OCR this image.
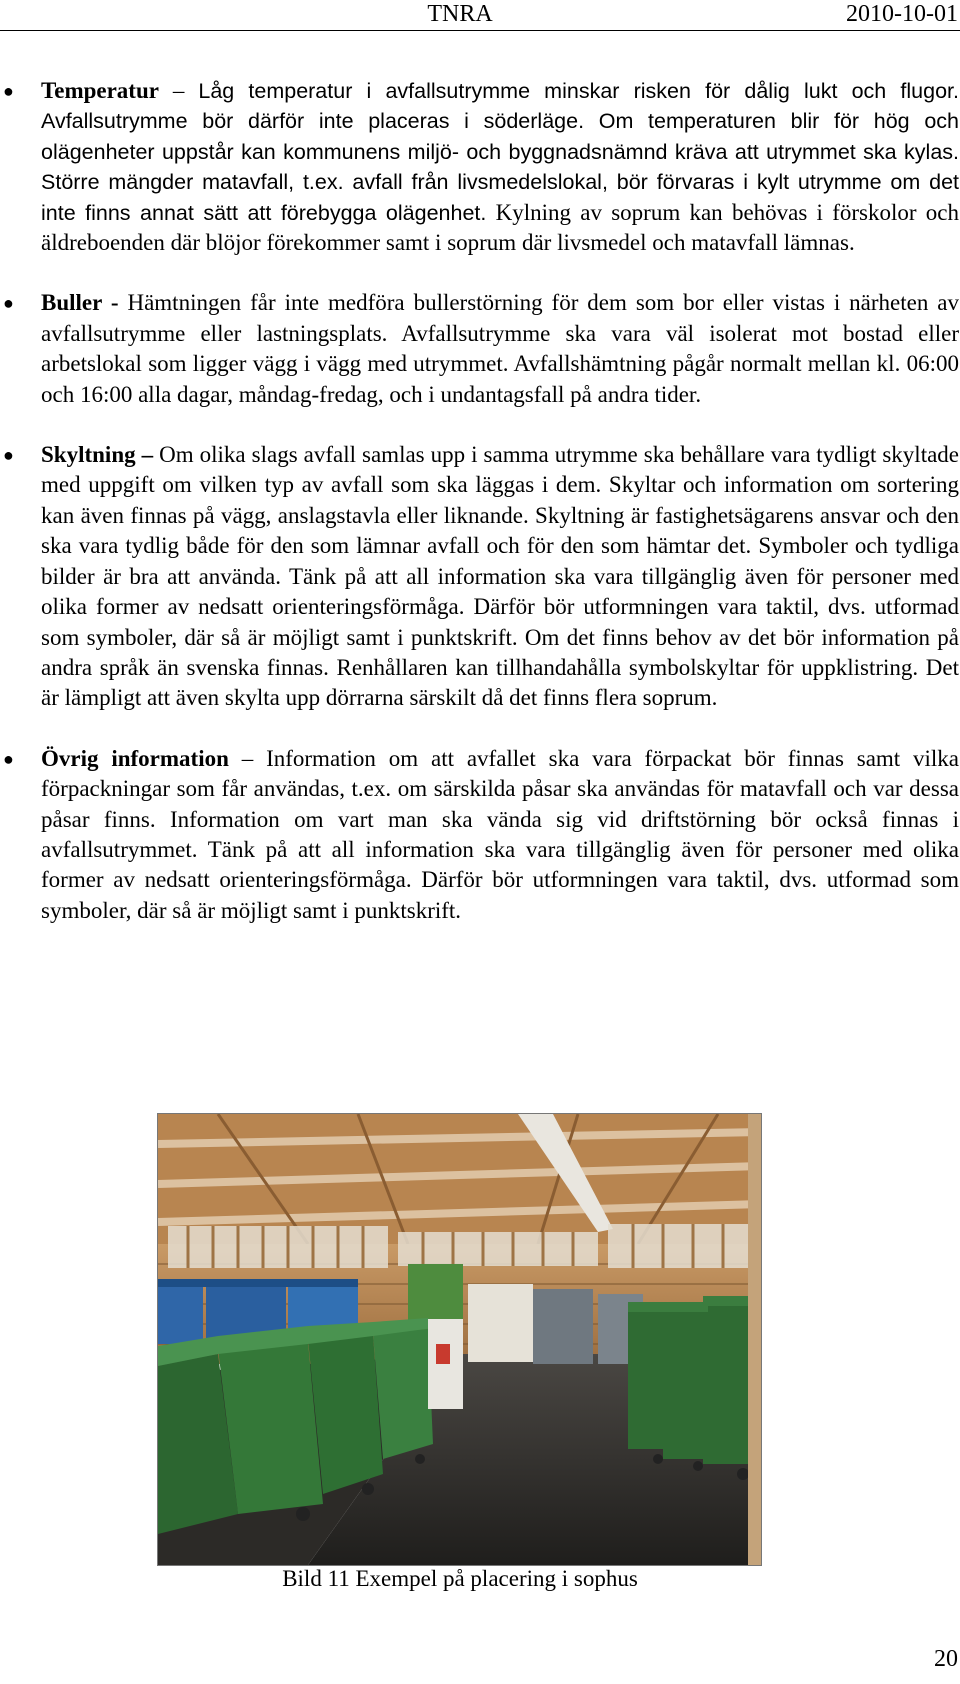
TNRA	2010-10-01
● Temperatur – Låg temperatur i avfallsutrymme minskar risken för dålig lukt och flugor. Avfallsutrymme bör därför inte placeras i söderläge. Om temperaturen blir för hög och olägenheter uppstår kan kommunens miljö- och byggnadsnämnd kräva att utrymmet ska kylas. Större mängder matavfall, t.ex. avfall från livsmedelslokal, bör förvaras i kylt utrymme om det inte finns annat sätt att förebygga olägenhet. Kylning av soprum kan behövas i förskolor och äldreboenden där blöjor förekommer samt i soprum där livsmedel och matavfall lämnas.
● Buller - Hämtningen får inte medföra bullerstörning för dem som bor eller vistas i närheten av avfallsutrymme eller lastningsplats. Avfallsutrymme ska vara väl isolerat mot bostad eller arbetslokal som ligger vägg i vägg med utrymmet. Avfallshämtning pågår normalt mellan kl. 06:00 och 16:00 alla dagar, måndag-fredag, och i undantagsfall på andra tider.
● Skyltning – Om olika slags avfall samlas upp i samma utrymme ska behållare vara tydligt skyltade med uppgift om vilken typ av avfall som ska läggas i dem. Skyltar och information om sortering kan även finnas på vägg, anslagstavla eller liknande. Skyltning är fastighetsägarens ansvar och den ska vara tydlig både för den som lämnar avfall och för den som hämtar det. Symboler och tydliga bilder är bra att använda. Tänk på att all information ska vara tillgänglig även för personer med olika former av nedsatt orienteringsförmåga. Därför bör utformningen vara taktil, dvs. utformad som symboler, där så är möjligt samt i punktskrift. Om det finns behov av det bör information på andra språk än svenska finnas. Renhållaren kan tillhandahålla symbolskyltar för uppklistring. Det är lämpligt att även skylta upp dörrarna särskilt då det finns flera soprum.
● Övrig information – Information om att avfallet ska vara förpackat bör finnas samt vilka förpackningar som får användas, t.ex. om särskilda påsar ska användas för matavfall och var dessa påsar finns. Information om vart man ska vända sig vid driftstörning bör också finnas i avfallsutrymmet. Tänk på att all information ska vara tillgänglig även för personer med olika former av nedsatt orienteringsförmåga. Därför bör utformningen vara taktil, dvs. utformad som symboler, där så är möjligt samt i punktskrift.
Bild 11 Exempel på placering i sophus
20
